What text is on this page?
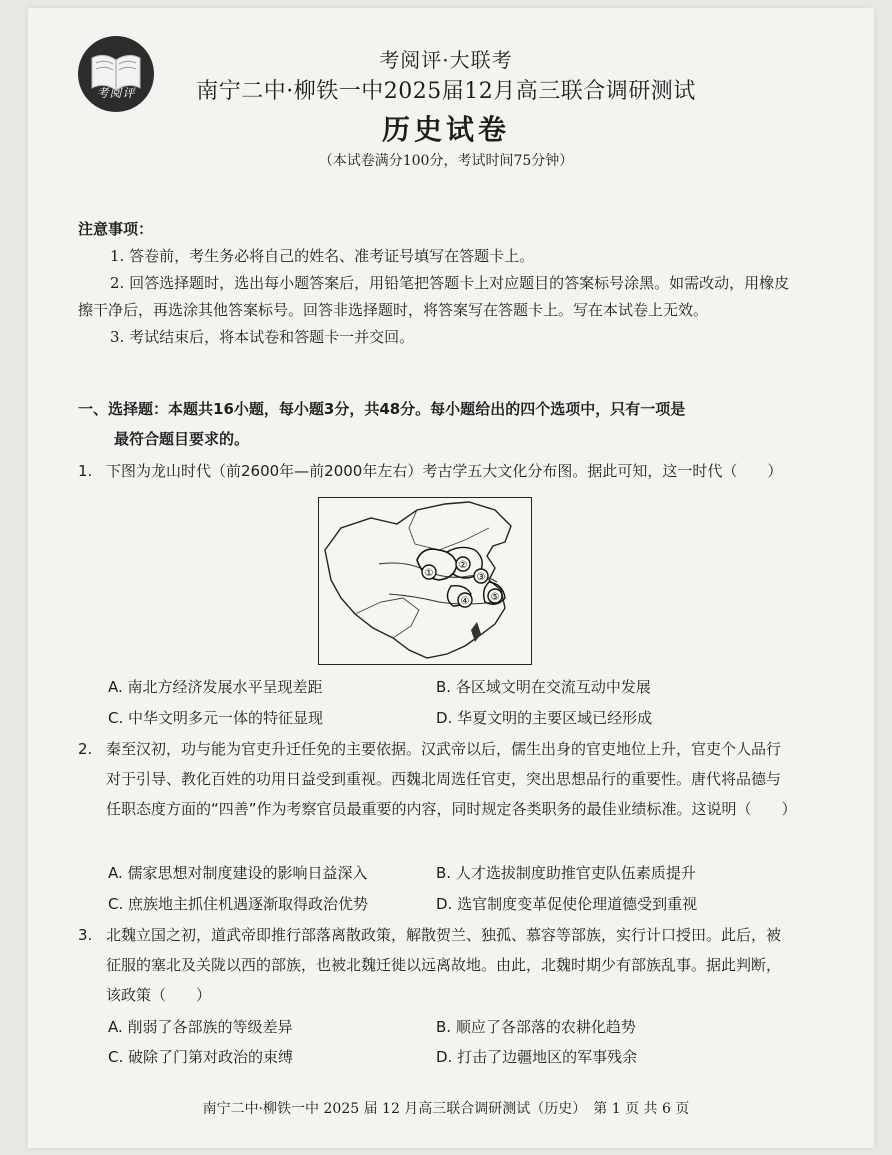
考阅评
考阅评·大联考
南宁二中·柳铁一中2025届12月高三联合调研测试
历史试卷
（本试卷满分100分，考试时间75分钟）
注意事项：
1. 答卷前，考生务必将自己的姓名、准考证号填写在答题卡上。
2. 回答选择题时，选出每小题答案后，用铅笔把答题卡上对应题目的答案标号涂黑。如需改动，用橡皮擦干净后，再选涂其他答案标号。回答非选择题时，将答案写在答题卡上。写在本试卷上无效。
3. 考试结束后，将本试卷和答题卡一并交回。
一、选择题：本题共16小题，每小题3分，共48分。每小题给出的四个选项中，只有一项是
最符合题目要求的。
1. 下图为龙山时代（前2600年—前2000年左右）考古学五大文化分布图。据此可知，这一时代（　　）
①
②
③
④ ⑤
A. 南北方经济发展水平呈现差距	B. 各区域文明在交流互动中发展
C. 中华文明多元一体的特征显现	D. 华夏文明的主要区域已经形成
2. 秦至汉初，功与能为官吏升迁任免的主要依据。汉武帝以后，儒生出身的官吏地位上升，官吏个人品行对于引导、教化百姓的功用日益受到重视。西魏北周选任官吏，突出思想品行的重要性。唐代将品德与任职态度方面的“四善”作为考察官员最重要的内容，同时规定各类职务的最佳业绩标准。这说明（　　）
A. 儒家思想对制度建设的影响日益深入	B. 人才选拔制度助推官吏队伍素质提升
C. 庶族地主抓住机遇逐渐取得政治优势	D. 选官制度变革促使伦理道德受到重视
3. 北魏立国之初，道武帝即推行部落离散政策，解散贺兰、独孤、慕容等部族，实行计口授田。此后，被征服的塞北及关陇以西的部族，也被北魏迁徙以远离故地。由此，北魏时期少有部族乱事。据此判断，该政策（　　）
A. 削弱了各部族的等级差异	B. 顺应了各部落的农耕化趋势
C. 破除了门第对政治的束缚	D. 打击了边疆地区的军事残余
南宁二中·柳铁一中 2025 届 12 月高三联合调研测试（历史）　第 1 页 共 6 页
